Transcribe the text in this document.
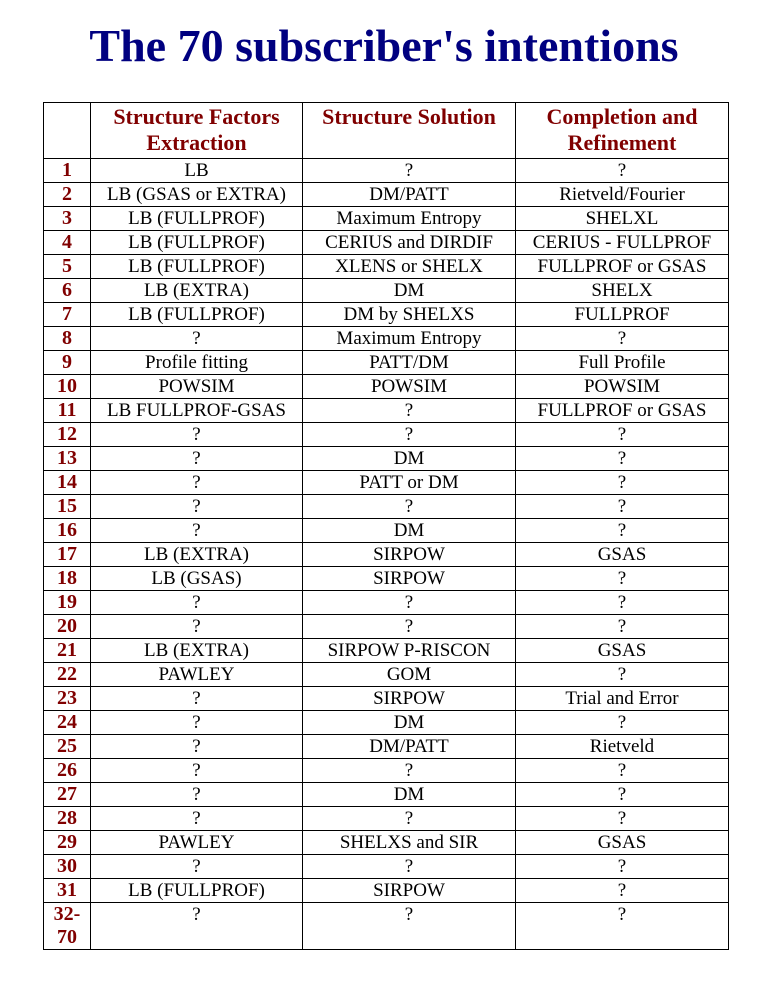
The 70 subscriber's intentions
	Structure Factors Extraction	Structure Solution	Completion and Refinement
1	LB	?	?
2	LB (GSAS or EXTRA)	DM/PATT	Rietveld/Fourier
3	LB (FULLPROF)	Maximum Entropy	SHELXL
4	LB (FULLPROF)	CERIUS and DIRDIF	CERIUS - FULLPROF
5	LB (FULLPROF)	XLENS or SHELX	FULLPROF or GSAS
6	LB (EXTRA)	DM	SHELX
7	LB (FULLPROF)	DM by SHELXS	FULLPROF
8	?	Maximum Entropy	?
9	Profile fitting	PATT/DM	Full Profile
10	POWSIM	POWSIM	POWSIM
11	LB FULLPROF-GSAS	?	FULLPROF or GSAS
12	?	?	?
13	?	DM	?
14	?	PATT or DM	?
15	?	?	?
16	?	DM	?
17	LB (EXTRA)	SIRPOW	GSAS
18	LB (GSAS)	SIRPOW	?
19	?	?	?
20	?	?	?
21	LB (EXTRA)	SIRPOW P-RISCON	GSAS
22	PAWLEY	GOM	?
23	?	SIRPOW	Trial and Error
24	?	DM	?
25	?	DM/PATT	Rietveld
26	?	?	?
27	?	DM	?
28	?	?	?
29	PAWLEY	SHELXS and SIR	GSAS
30	?	?	?
31	LB (FULLPROF)	SIRPOW	?
32-70	?	?	?
